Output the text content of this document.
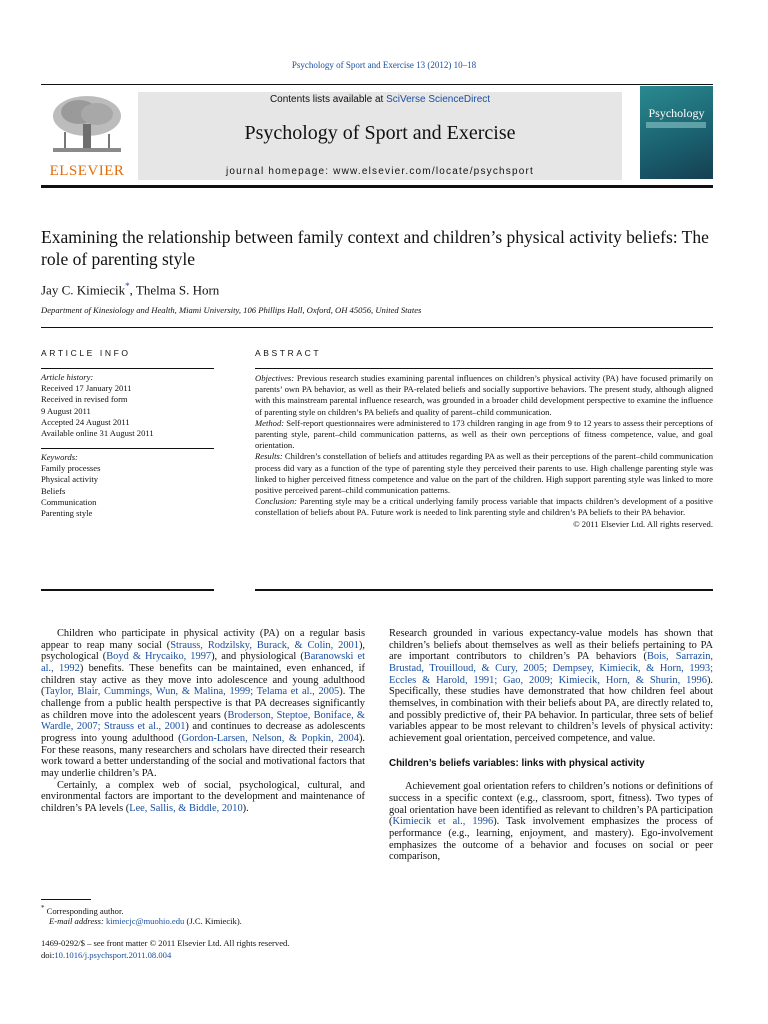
Psychology of Sport and Exercise 13 (2012) 10–18
ELSEVIER
Contents lists available at SciVerse ScienceDirect
Psychology of Sport and Exercise
journal homepage: www.elsevier.com/locate/psychsport
Psychology
Examining the relationship between family context and children’s physical activity beliefs: The role of parenting style
Jay C. Kimiecik*, Thelma S. Horn
Department of Kinesiology and Health, Miami University, 106 Phillips Hall, Oxford, OH 45056, United States
ARTICLE INFO
Article history:
Received 17 January 2011
Received in revised form
9 August 2011
Accepted 24 August 2011
Available online 31 August 2011
Keywords:
Family processes
Physical activity
Beliefs
Communication
Parenting style
ABSTRACT

Objectives: Previous research studies examining parental influences on children’s physical activity (PA) have focused primarily on parents’ own PA behavior, as well as their PA-related beliefs and socially supportive behaviors. The present study, although aligned with this mainstream parental influence research, was grounded in a broader child development perspective to examine the influence of parenting style on children’s PA beliefs and quality of parent–child communication.

Method: Self-report questionnaires were administered to 173 children ranging in age from 9 to 12 years to assess their perceptions of parenting style, parent–child communication patterns, as well as their own perceptions of fitness competence, value, and goal orientation.

Results: Children’s constellation of beliefs and attitudes regarding PA as well as their perceptions of the parent–child communication process did vary as a function of the type of parenting style they perceived their parents to use. High challenge parenting style was linked to higher perceived fitness competence and value on the part of the children. High support parenting style was linked to more positive perceived parent–child communication patterns.

Conclusion: Parenting style may be a critical underlying family process variable that impacts children’s development of a positive constellation of beliefs about PA. Future work is needed to link parenting style and children’s PA beliefs to their PA behavior.

© 2011 Elsevier Ltd. All rights reserved.

Children who participate in physical activity (PA) on a regular basis appear to reap many social (Strauss, Rodzilsky, Burack, & Colin, 2001), psychological (Boyd & Hrycaiko, 1997), and physiological (Baranowski et al., 1992) benefits. These benefits can be maintained, even enhanced, if children stay active as they move into adolescence and young adulthood (Taylor, Blair, Cummings, Wun, & Malina, 1999; Telama et al., 2005). The challenge from a public health perspective is that PA decreases significantly as children move into the adolescent years (Broderson, Steptoe, Boniface, & Wardle, 2007; Strauss et al., 2001) and continues to decrease as adolescents progress into young adulthood (Gordon-Larsen, Nelson, & Popkin, 2004). For these reasons, many researchers and scholars have directed their research work toward a better understanding of the social and motivational factors that may underlie children’s PA.

Certainly, a complex web of social, psychological, cultural, and environmental factors are important to the development and maintenance of children’s PA levels (Lee, Sallis, & Biddle, 2010).

Research grounded in various expectancy-value models has shown that children’s beliefs about themselves as well as their beliefs pertaining to PA are important contributors to children’s PA behaviors (Bois, Sarrazin, Brustad, Trouilloud, & Cury, 2005; Dempsey, Kimiecik, & Horn, 1993; Eccles & Harold, 1991; Gao, 2009; Kimiecik, Horn, & Shurin, 1996). Specifically, these studies have demonstrated that how children feel about themselves, in combination with their beliefs about PA, are directly related to, and possibly predictive of, their PA behavior. In particular, three sets of belief variables appear to be most relevant to children’s levels of physical activity: achievement goal orientation, perceived competence, and value.

Children’s beliefs variables: links with physical activity

Achievement goal orientation refers to children’s notions or definitions of success in a specific context (e.g., classroom, sport, fitness). Two types of goal orientation have been identified as relevant to children’s PA participation (Kimiecik et al., 1996). Task involvement emphasizes the process of performance (e.g., learning, enjoyment, and mastery). Ego-involvement emphasizes the outcome of a behavior and focuses on social or peer comparison,

* Corresponding author.
E-mail address: kimiecjc@muohio.edu (J.C. Kimiecik).
1469-0292/$ – see front matter © 2011 Elsevier Ltd. All rights reserved.
doi:10.1016/j.psychsport.2011.08.004
